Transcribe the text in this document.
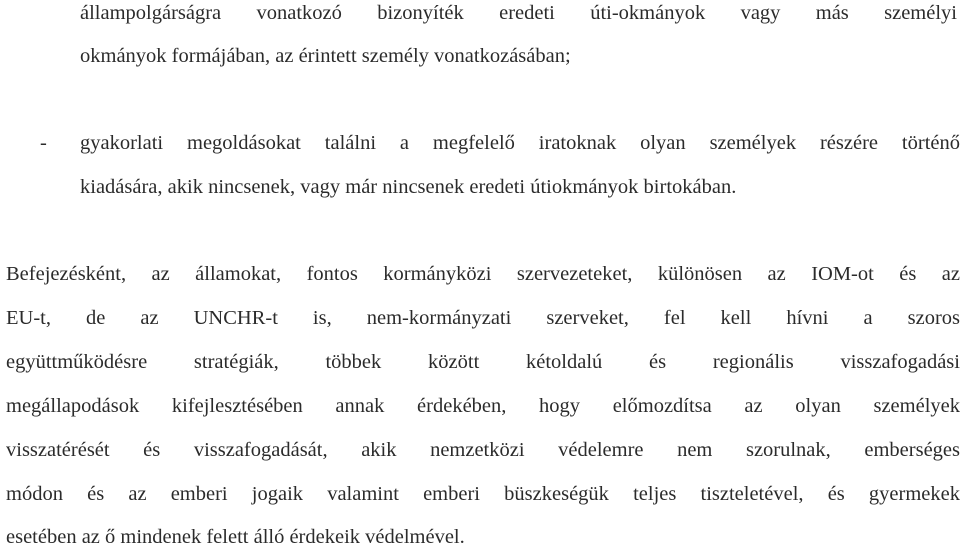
állampolgárságra vonatkozó bizonyíték eredeti úti-okmányok vagy más személyi
okmányok formájában, az érintett személy vonatkozásában;
- gyakorlati megoldásokat találni a megfelelő iratoknak olyan személyek részére történő
kiadására, akik nincsenek, vagy már nincsenek eredeti útiokmányok birtokában.
Befejezésként, az államokat, fontos kormányközi szervezeteket, különösen az IOM-ot és az
EU-t, de az UNCHR-t is, nem-kormányzati szerveket, fel kell hívni a szoros
együttműködésre stratégiák, többek között kétoldalú és regionális visszafogadási
megállapodások kifejlesztésében annak érdekében, hogy előmozdítsa az olyan személyek
visszatérését és visszafogadását, akik nemzetközi védelemre nem szorulnak, emberséges
módon és az emberi jogaik valamint emberi büszkeségük teljes tiszteletével, és gyermekek
esetében az ő mindenek felett álló érdekeik védelmével.
